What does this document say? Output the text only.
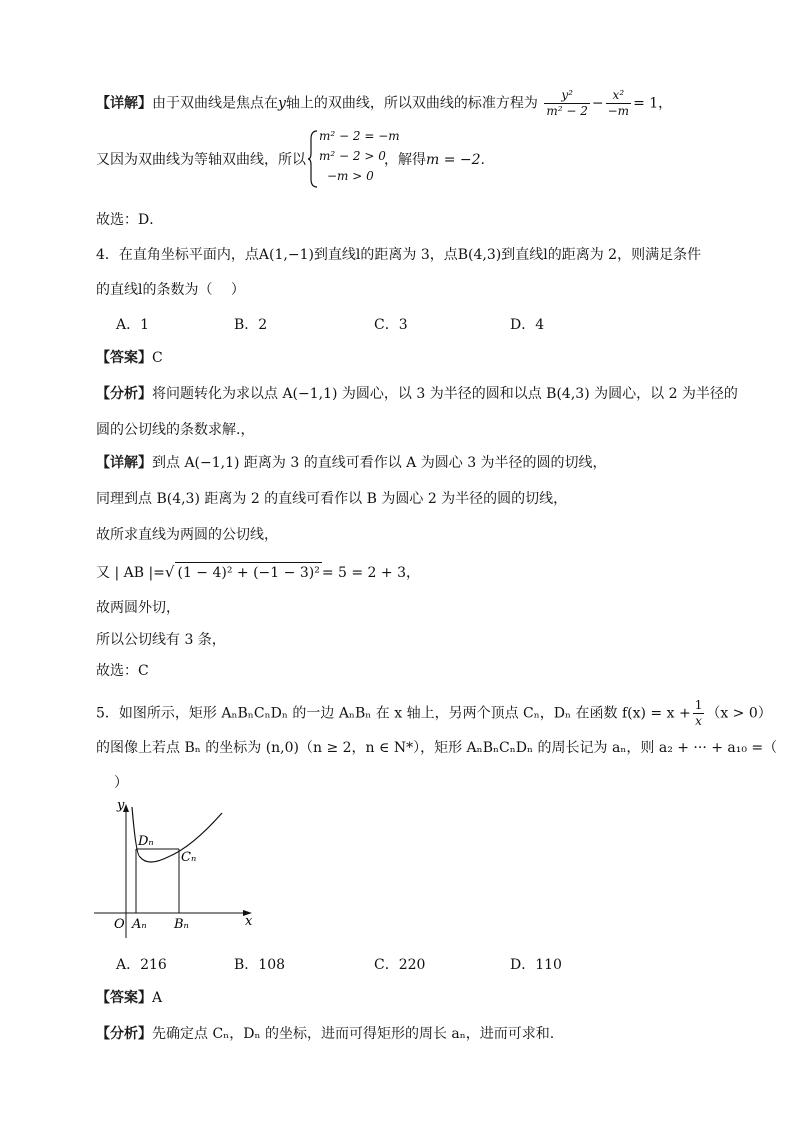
【详解】由于双曲线是焦点在y轴上的双曲线，所以双曲线的标准方程为 $\frac{\text{y²}}{\text{m² − 2}} - \frac{\text{x²}}{-m} = 1$，
又因为双曲线为等轴双曲线，所以
m² − 2 = −m
m² − 2 > 0
−m > 0
，解得m = −2.
故选：D．
4．在直角坐标平面内，点A(1,−1)到直线l的距离为 3，点B(4,3)到直线l的距离为 2，则满足条件
的直线l的条数为（　 ）
A．1	B．2	C．3	D．4
【答案】C
【分析】将问题转化为求以点 A(−1,1) 为圆心，以 3 为半径的圆和以点 B(4,3) 为圆心，以 2 为半径的
圆的公切线的条数求解.，
【详解】到点 A(−1,1) 距离为 3 的直线可看作以 A 为圆心 3 为半径的圆的切线，
同理到点 B(4,3) 距离为 2 的直线可看作以 B 为圆心 2 为半径的圆的切线，
故所求直线为两圆的公切线，
又 | AB |=√ (1 − 4)² + (−1 − 3)² = 5 = 2 + 3，
故两圆外切，
所以公切线有 3 条，
故选：C
5．如图所示，矩形 AₙBₙCₙDₙ 的一边 AₙBₙ 在 x 轴上，另两个顶点 Cₙ，Dₙ 在函数 $f(x) = x + \frac{1}{x} (x > 0)$
的图像上若点 Bₙ 的坐标为 (n,0)（n ≥ 2，n ∈ N*），矩形 AₙBₙCₙDₙ 的周长记为 aₙ，则 a₂ + ··· + a₁₀ =（
）
y
x
O Aₙ Bₙ
Cₙ
Dₙ
A．216	B．108	C．220	D．110
【答案】A
【分析】先确定点 Cₙ，Dₙ 的坐标，进而可得矩形的周长 aₙ，进而可求和.
